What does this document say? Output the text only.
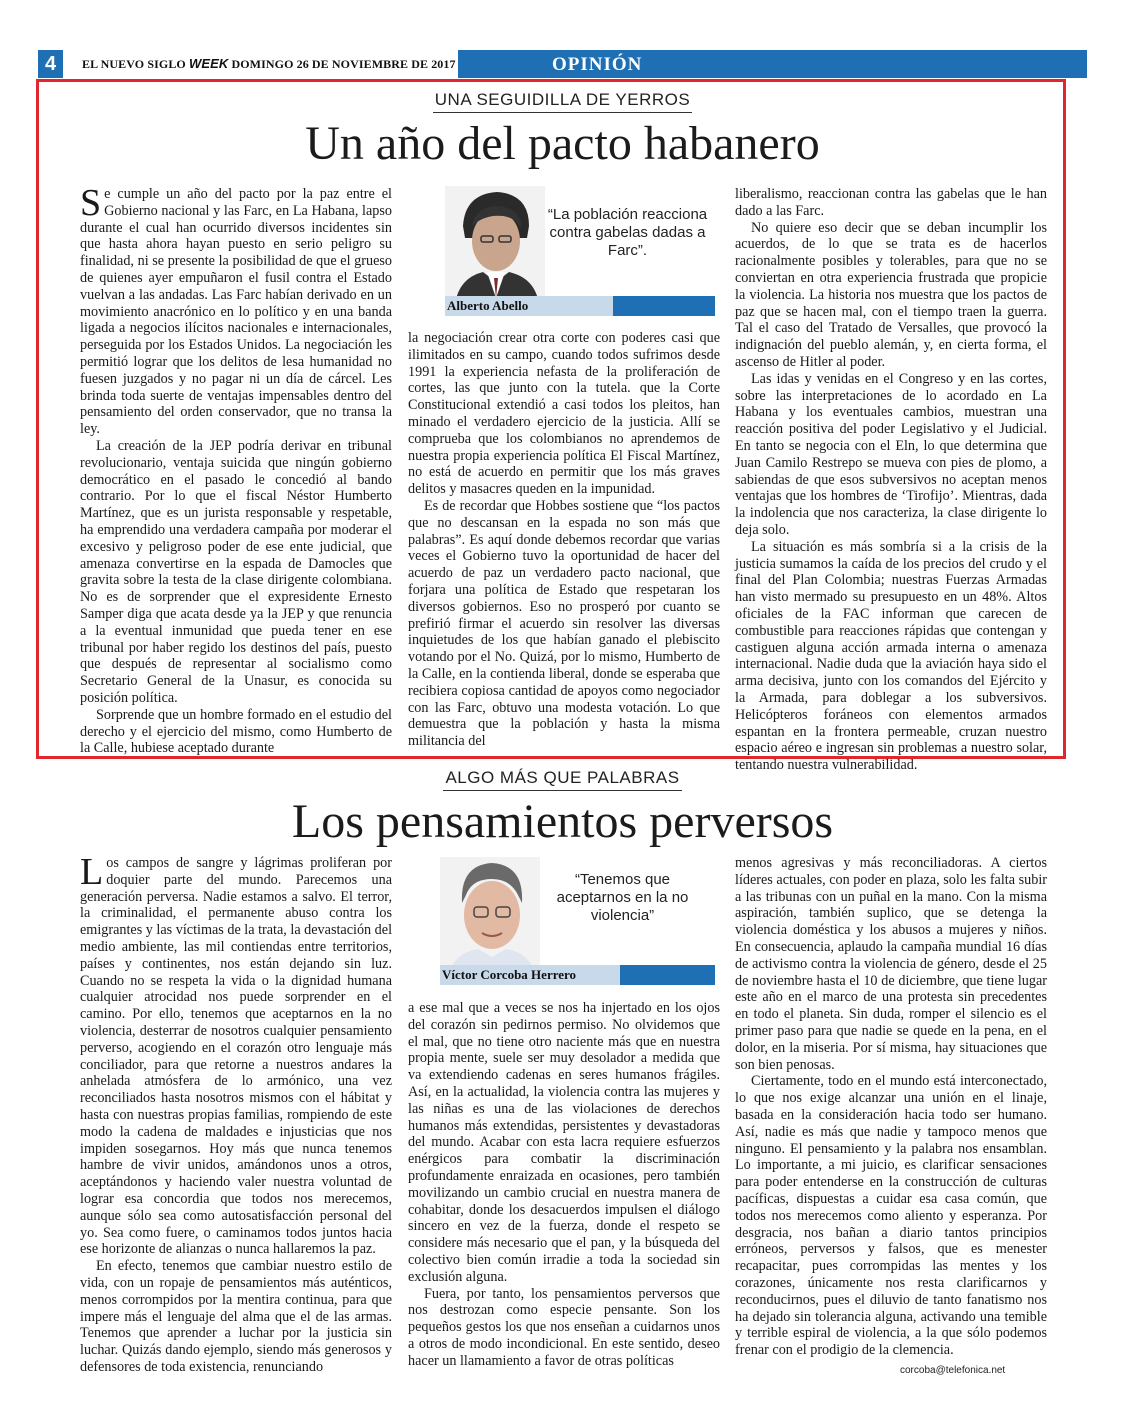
4	EL NUEVO SIGLO WEEK DOMINGO 26 DE NOVIEMBRE DE 2017	OPINIÓN
UNA SEGUIDILLA DE YERROS
Un año del pacto habanero

Se cumple un año del pacto por la paz entre el Gobierno nacional y las Farc, en La Habana, lapso durante el cual han ocurrido diversos incidentes sin que hasta ahora hayan puesto en serio peligro su finalidad, ni se presente la posibilidad de que el grueso de quienes ayer empuñaron el fusil contra el Estado vuelvan a las andadas. Las Farc habían derivado en un movimiento anacrónico en lo político y en una banda ligada a negocios ilícitos nacionales e internacionales, perseguida por los Estados Unidos. La negociación les permitió lograr que los delitos de lesa humanidad no fuesen juzgados y no pagar ni un día de cárcel. Les brinda toda suerte de ventajas impensables dentro del pensamiento del orden conservador, que no transa la ley.

La creación de la JEP podría derivar en tribunal revolucionario, ventaja suicida que ningún gobierno democrático en el pasado le concedió al bando contrario. Por lo que el fiscal Néstor Humberto Martínez, que es un jurista responsable y respetable, ha emprendido una verdadera campaña por moderar el excesivo y peligroso poder de ese ente judicial, que amenaza convertirse en la espada de Damocles que gravita sobre la testa de la clase dirigente colombiana. No es de sorprender que el expresidente Ernesto Samper diga que acata desde ya la JEP y que renuncia a la eventual inmunidad que pueda tener en ese tribunal por haber regido los destinos del país, puesto que después de representar al socialismo como Secretario General de la Unasur, es conocida su posición política.

Sorprende que un hombre formado en el estudio del derecho y el ejercicio del mismo, como Humberto de la Calle, hubiese aceptado durante

“La población reacciona contra gabelas dadas a Farc”.
Alberto Abello

la negociación crear otra corte con poderes casi que ilimitados en su campo, cuando todos sufrimos desde 1991 la experiencia nefasta de la proliferación de cortes, las que junto con la tutela. que la Corte Constitucional extendió a casi todos los pleitos, han minado el verdadero ejercicio de la justicia. Allí se comprueba que los colombianos no aprendemos de nuestra propia experiencia política El Fiscal Martínez, no está de acuerdo en permitir que los más graves delitos y masacres queden en la impunidad.

Es de recordar que Hobbes sostiene que “los pactos que no descansan en la espada no son más que palabras”. Es aquí donde debemos recordar que varias veces el Gobierno tuvo la oportunidad de hacer del acuerdo de paz un verdadero pacto nacional, que forjara una política de Estado que respetaran los diversos gobiernos. Eso no prosperó por cuanto se prefirió firmar el acuerdo sin resolver las diversas inquietudes de los que habían ganado el plebiscito votando por el No. Quizá, por lo mismo, Humberto de la Calle, en la contienda liberal, donde se esperaba que recibiera copiosa cantidad de apoyos como negociador con las Farc, obtuvo una modesta votación. Lo que demuestra que la población y hasta la misma militancia del

liberalismo, reaccionan contra las gabelas que le han dado a las Farc.

No quiere eso decir que se deban incumplir los acuerdos, de lo que se trata es de hacerlos racionalmente posibles y tolerables, para que no se conviertan en otra experiencia frustrada que propicie la violencia. La historia nos muestra que los pactos de paz que se hacen mal, con el tiempo traen la guerra. Tal el caso del Tratado de Versalles, que provocó la indignación del pueblo alemán, y, en cierta forma, el ascenso de Hitler al poder.

Las idas y venidas en el Congreso y en las cortes, sobre las interpretaciones de lo acordado en La Habana y los eventuales cambios, muestran una reacción positiva del poder Legislativo y el Judicial. En tanto se negocia con el Eln, lo que determina que Juan Camilo Restrepo se mueva con pies de plomo, a sabiendas de que esos subversivos no aceptan menos ventajas que los hombres de ‘Tirofijo’. Mientras, dada la indolencia que nos caracteriza, la clase dirigente lo deja solo.

La situación es más sombría si a la crisis de la justicia sumamos la caída de los precios del crudo y el final del Plan Colombia; nuestras Fuerzas Armadas han visto mermado su presupuesto en un 48%. Altos oficiales de la FAC informan que carecen de combustible para reacciones rápidas que contengan y castiguen alguna acción armada interna o amenaza internacional. Nadie duda que la aviación haya sido el arma decisiva, junto con los comandos del Ejército y la Armada, para doblegar a los subversivos. Helicópteros foráneos con elementos armados espantan en la frontera permeable, cruzan nuestro espacio aéreo e ingresan sin problemas a nuestro solar, tentando nuestra vulnerabilidad.

ALGO MÁS QUE PALABRAS
Los pensamientos perversos

Los campos de sangre y lágrimas proliferan por doquier parte del mundo. Parecemos una generación perversa. Nadie estamos a salvo. El terror, la criminalidad, el permanente abuso contra los emigrantes y las víctimas de la trata, la devastación del medio ambiente, las mil contiendas entre territorios, países y continentes, nos están dejando sin luz. Cuando no se respeta la vida o la dignidad humana cualquier atrocidad nos puede sorprender en el camino. Por ello, tenemos que aceptarnos en la no violencia, desterrar de nosotros cualquier pensamiento perverso, acogiendo en el corazón otro lenguaje más conciliador, para que retorne a nuestros andares la anhelada atmósfera de lo armónico, una vez reconciliados hasta nosotros mismos con el hábitat y hasta con nuestras propias familias, rompiendo de este modo la cadena de maldades e injusticias que nos impiden sosegarnos. Hoy más que nunca tenemos hambre de vivir unidos, amándonos unos a otros, aceptándonos y haciendo valer nuestra voluntad de lograr esa concordia que todos nos merecemos, aunque sólo sea como autosatisfacción personal del yo. Sea como fuere, o caminamos todos juntos hacia ese horizonte de alianzas o nunca hallaremos la paz.

En efecto, tenemos que cambiar nuestro estilo de vida, con un ropaje de pensamientos más auténticos, menos corrompidos por la mentira continua, para que impere más el lenguaje del alma que el de las armas. Tenemos que aprender a luchar por la justicia sin luchar. Quizás dando ejemplo, siendo más generosos y defensores de toda existencia, renunciando

“Tenemos que aceptarnos en la no violencia”
Víctor Corcoba Herrero

a ese mal que a veces se nos ha injertado en los ojos del corazón sin pedirnos permiso. No olvidemos que el mal, que no tiene otro naciente más que en nuestra propia mente, suele ser muy desolador a medida que va extendiendo cadenas en seres humanos frágiles. Así, en la actualidad, la violencia contra las mujeres y las niñas es una de las violaciones de derechos humanos más extendidas, persistentes y devastadoras del mundo. Acabar con esta lacra requiere esfuerzos enérgicos para combatir la discriminación profundamente enraizada en ocasiones, pero también movilizando un cambio crucial en nuestra manera de cohabitar, donde los desacuerdos impulsen el diálogo sincero en vez de la fuerza, donde el respeto se considere más necesario que el pan, y la búsqueda del colectivo bien común irradie a toda la sociedad sin exclusión alguna.

Fuera, por tanto, los pensamientos perversos que nos destrozan como especie pensante. Son los pequeños gestos los que nos enseñan a cuidarnos unos a otros de modo incondicional. En este sentido, deseo hacer un llamamiento a favor de otras políticas

menos agresivas y más reconciliadoras. A ciertos líderes actuales, con poder en plaza, solo les falta subir a las tribunas con un puñal en la mano. Con la misma aspiración, también suplico, que se detenga la violencia doméstica y los abusos a mujeres y niños. En consecuencia, aplaudo la campaña mundial 16 días de activismo contra la violencia de género, desde el 25 de noviembre hasta el 10 de diciembre, que tiene lugar este año en el marco de una protesta sin precedentes en todo el planeta. Sin duda, romper el silencio es el primer paso para que nadie se quede en la pena, en el dolor, en la miseria. Por sí misma, hay situaciones que son bien penosas.

Ciertamente, todo en el mundo está interconectado, lo que nos exige alcanzar una unión en el linaje, basada en la consideración hacia todo ser humano. Así, nadie es más que nadie y tampoco menos que ninguno. El pensamiento y la palabra nos ensamblan. Lo importante, a mi juicio, es clarificar sensaciones para poder entenderse en la construcción de culturas pacíficas, dispuestas a cuidar esa casa común, que todos nos merecemos como aliento y esperanza. Por desgracia, nos bañan a diario tantos principios erróneos, perversos y falsos, que es menester recapacitar, pues corrompidas las mentes y los corazones, únicamente nos resta clarificarnos y reconducirnos, pues el diluvio de tanto fanatismo nos ha dejado sin tolerancia alguna, activando una temible y terrible espiral de violencia, a la que sólo podemos frenar con el prodigio de la clemencia.

corcoba@telefonica.net
